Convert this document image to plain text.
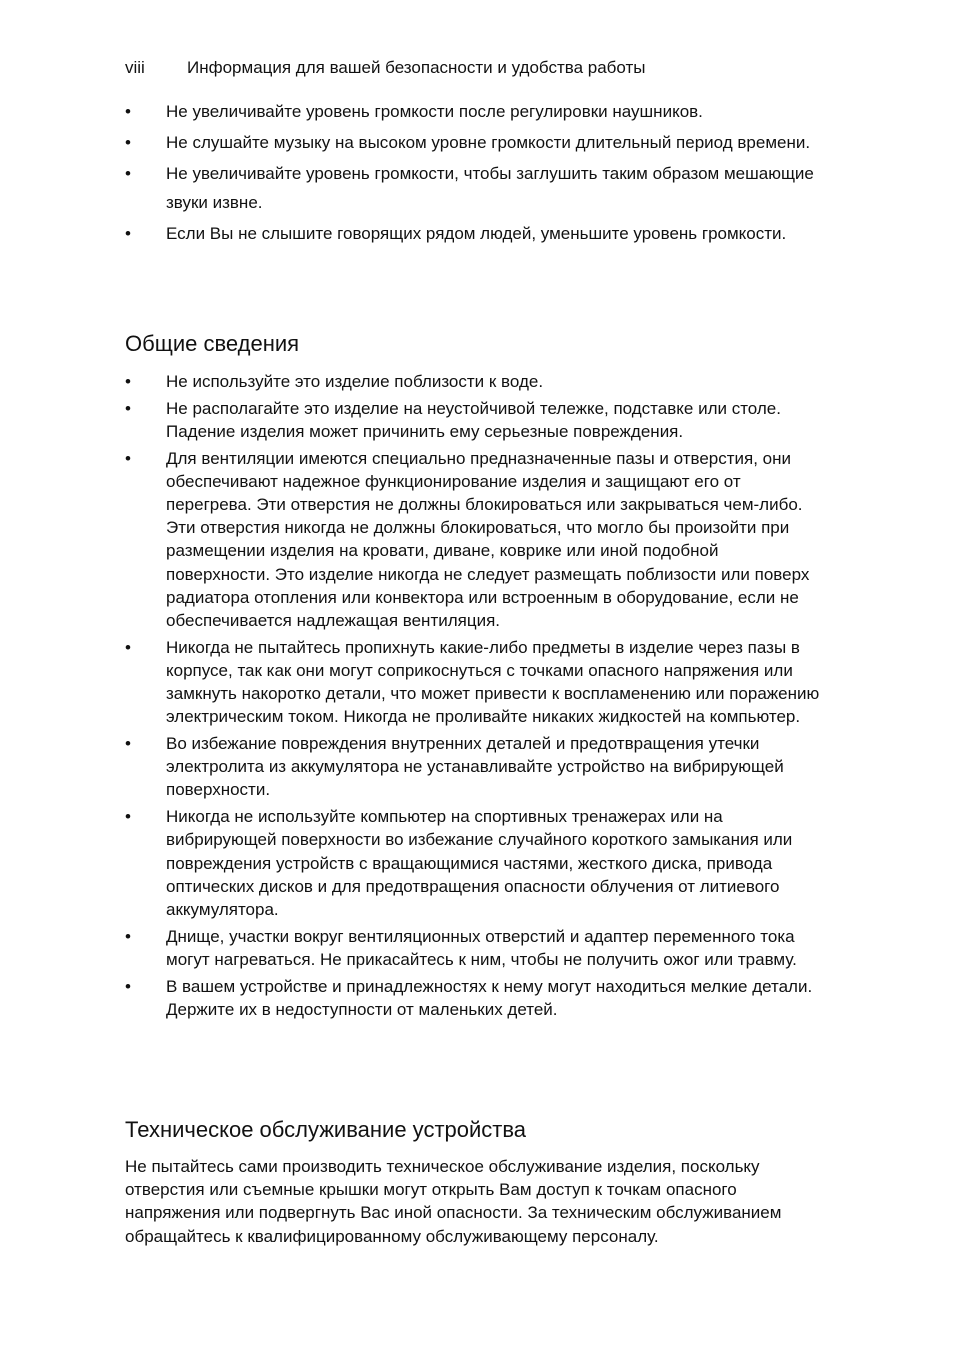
viii Информация для вашей безопасности и удобства работы
• Не увеличивайте уровень громкости после регулировки наушников.
• Не слушайте музыку на высоком уровне громкости длительный период времени.
• Не увеличивайте уровень громкости, чтобы заглушить таким образом мешающие звуки извне.
• Если Вы не слышите говорящих рядом людей, уменьшите уровень громкости.
Общие сведения
• Не используйте это изделие поблизости к воде.
• Не располагайте это изделие на неустойчивой тележке, подставке или столе. Падение изделия может причинить ему серьезные повреждения.
• Для вентиляции имеются специально предназначенные пазы и отверстия, они обеспечивают надежное функционирование изделия и защищают его от перегрева. Эти отверстия не должны блокироваться или закрываться чем-либо. Эти отверстия никогда не должны блокироваться, что могло бы произойти при размещении изделия на кровати, диване, коврике или иной подобной поверхности. Это изделие никогда не следует размещать поблизости или поверх радиатора отопления или конвектора или встроенным в оборудование, если не обеспечивается надлежащая вентиляция.
• Никогда не пытайтесь пропихнуть какие-либо предметы в изделие через пазы в корпусе, так как они могут соприкоснуться с точками опасного напряжения или замкнуть накоротко детали, что может привести к воспламенению или поражению электрическим током. Никогда не проливайте никаких жидкостей на компьютер.
• Во избежание повреждения внутренних деталей и предотвращения утечки электролита из аккумулятора не устанавливайте устройство на вибрирующей поверхности.
• Никогда не используйте компьютер на спортивных тренажерах или на вибрирующей поверхности во избежание случайного короткого замыкания или повреждения устройств с вращающимися частями, жесткого диска, привода оптических дисков и для предотвращения опасности облучения от литиевого аккумулятора.
• Днище, участки вокруг вентиляционных отверстий и адаптер переменного тока могут нагреваться. Не прикасайтесь к ним, чтобы не получить ожог или травму.
• В вашем устройстве и принадлежностях к нему могут находиться мелкие детали. Держите их в недоступности от маленьких детей.
Техническое обслуживание устройства

Не пытайтесь сами производить техническое обслуживание изделия, поскольку отверстия или съемные крышки могут открыть Вам доступ к точкам опасного напряжения или подвергнуть Вас иной опасности. За техническим обслуживанием обращайтесь к квалифицированному обслуживающему персоналу.
